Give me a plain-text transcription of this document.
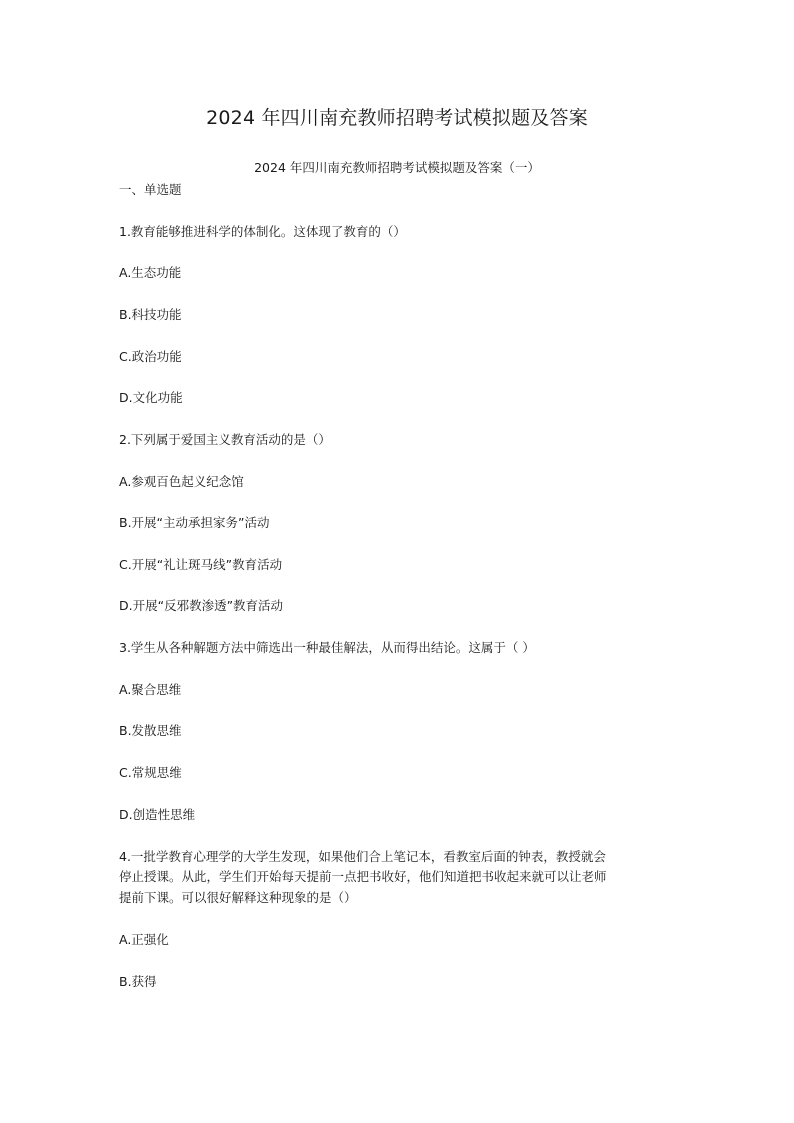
2024 年四川南充教师招聘考试模拟题及答案
2024 年四川南充教师招聘考试模拟题及答案（一）
一、单选题
1.教育能够推进科学的体制化。这体现了教育的（）
A.生态功能
B.科技功能
C.政治功能
D.文化功能
2.下列属于爱国主义教育活动的是（）
A.参观百色起义纪念馆
B.开展“主动承担家务”活动
C.开展“礼让斑马线”教育活动
D.开展“反邪教渗透”教育活动
3.学生从各种解题方法中筛选出一种最佳解法，从而得出结论。这属于（ ）
A.聚合思维
B.发散思维
C.常规思维
D.创造性思维
4.一批学教育心理学的大学生发现，如果他们合上笔记本，看教室后面的钟表，教授就会
停止授课。从此，学生们开始每天提前一点把书收好，他们知道把书收起来就可以让老师
提前下课。可以很好解释这种现象的是（）
A.正强化
B.获得
